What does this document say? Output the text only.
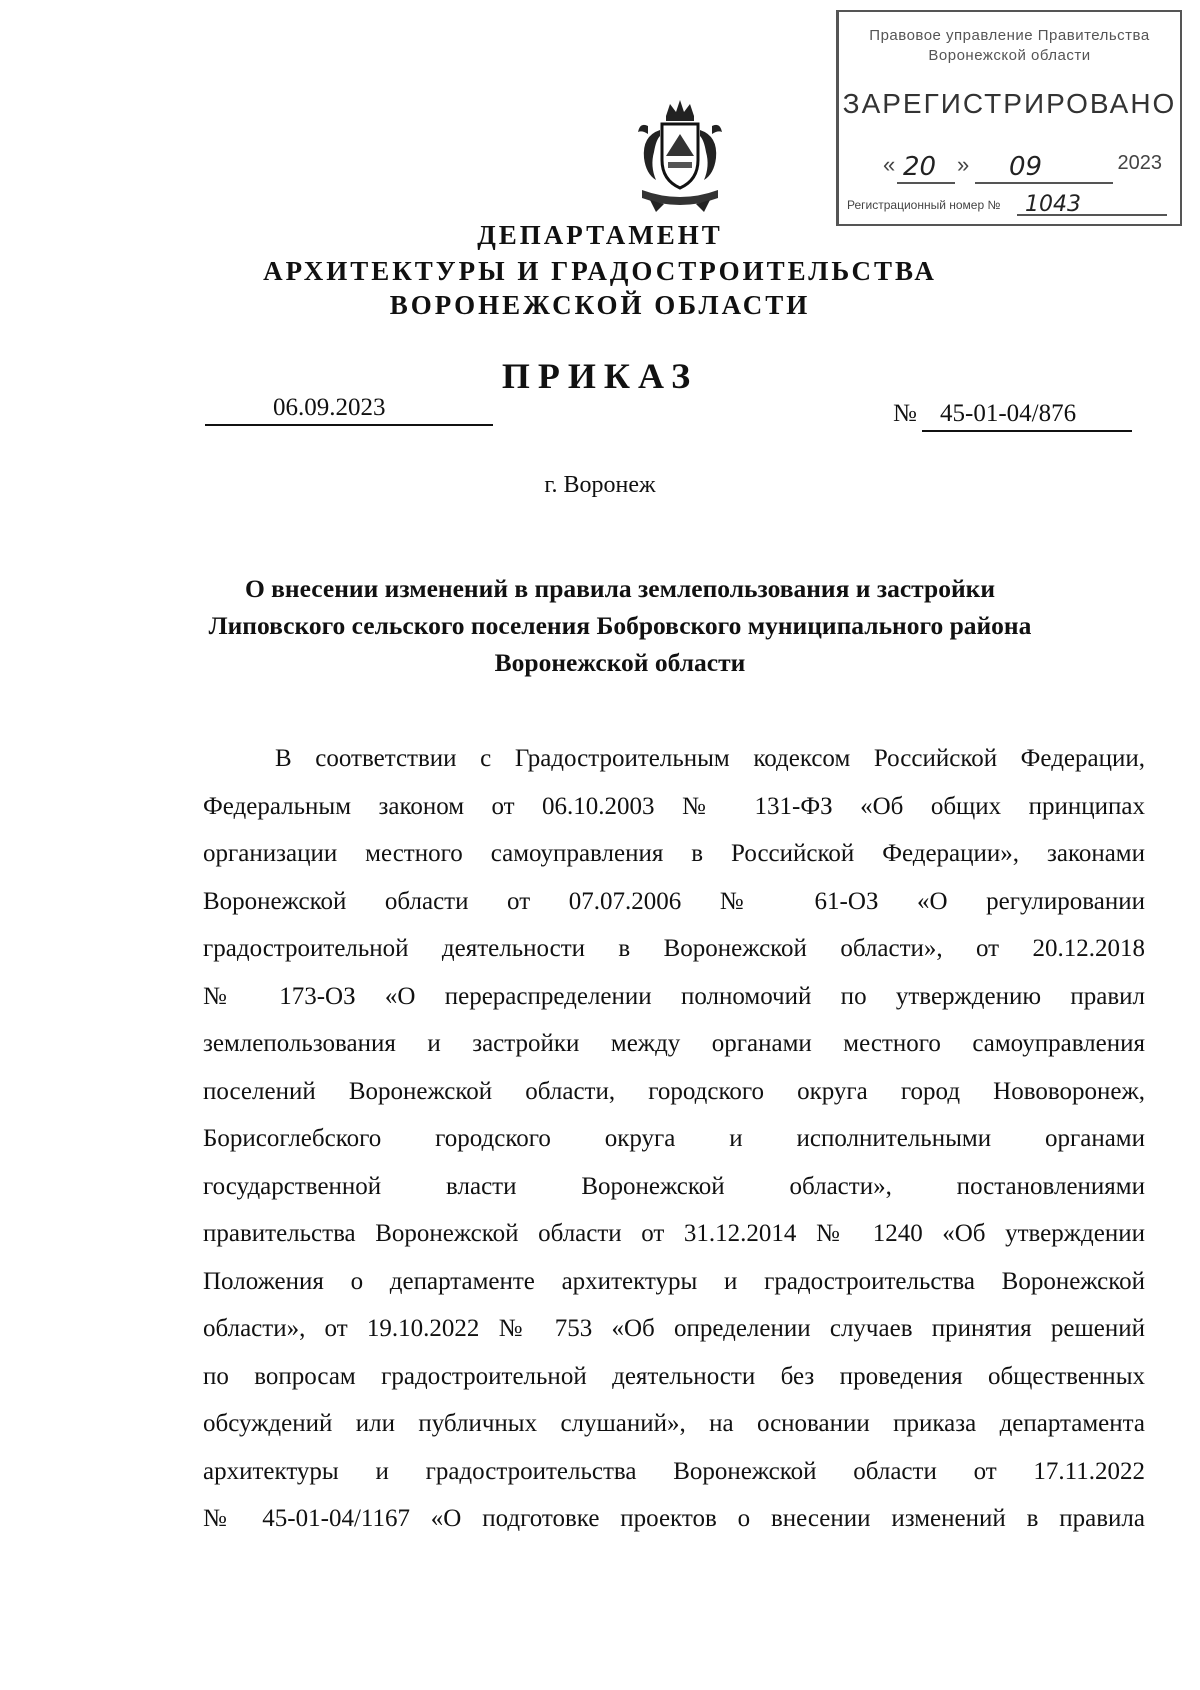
Правовое управление Правительства
Воронежской области
ЗАРЕГИСТРИРОВАНО
« 20 » 09	2023
Регистрационный номер № 1043
ДЕПАРТАМЕНТ
АРХИТЕКТУРЫ И ГРАДОСТРОИТЕЛЬСТВА
ВОРОНЕЖСКОЙ ОБЛАСТИ
ПРИКАЗ
06.09.2023	№ 45-01-04/876
г. Воронеж
О внесении изменений в правила землепользования и застройки
Липовского сельского поселения Бобровского муниципального района
Воронежской области
В соответствии с Градостроительным кодексом Российской Федерации,
Федеральным законом от 06.10.2003 № 131-ФЗ «Об общих принципах
организации местного самоуправления в Российской Федерации», законами
Воронежской области от 07.07.2006 № 61-ОЗ «О регулировании
градостроительной деятельности в Воронежской области», от 20.12.2018
№ 173-ОЗ «О перераспределении полномочий по утверждению правил
землепользования и застройки между органами местного самоуправления
поселений Воронежской области, городского округа город Нововоронеж,
Борисоглебского городского округа и исполнительными органами
государственной власти Воронежской области», постановлениями
правительства Воронежской области от 31.12.2014 № 1240 «Об утверждении
Положения о департаменте архитектуры и градостроительства Воронежской
области», от 19.10.2022 № 753 «Об определении случаев принятия решений
по вопросам градостроительной деятельности без проведения общественных
обсуждений или публичных слушаний», на основании приказа департамента
архитектуры и градостроительства Воронежской области от 17.11.2022
№ 45-01-04/1167 «О подготовке проектов о внесении изменений в правила
